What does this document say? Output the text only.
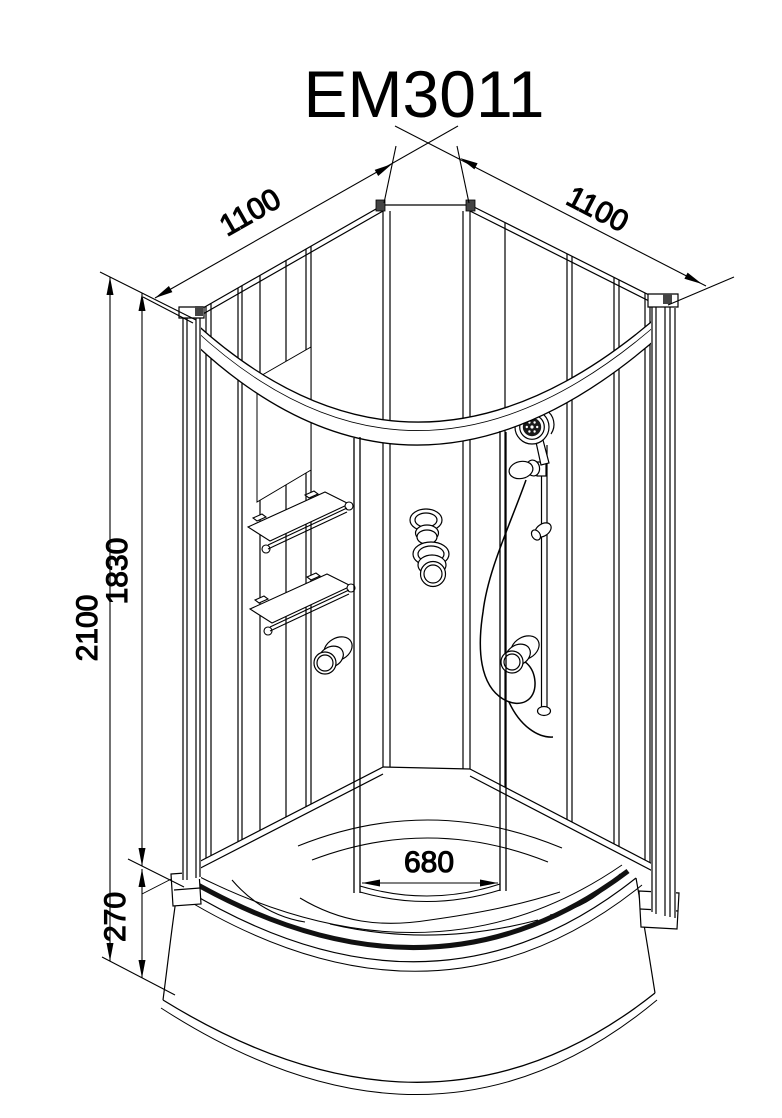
1100	1100
2100
1830
270
680
EM3011
